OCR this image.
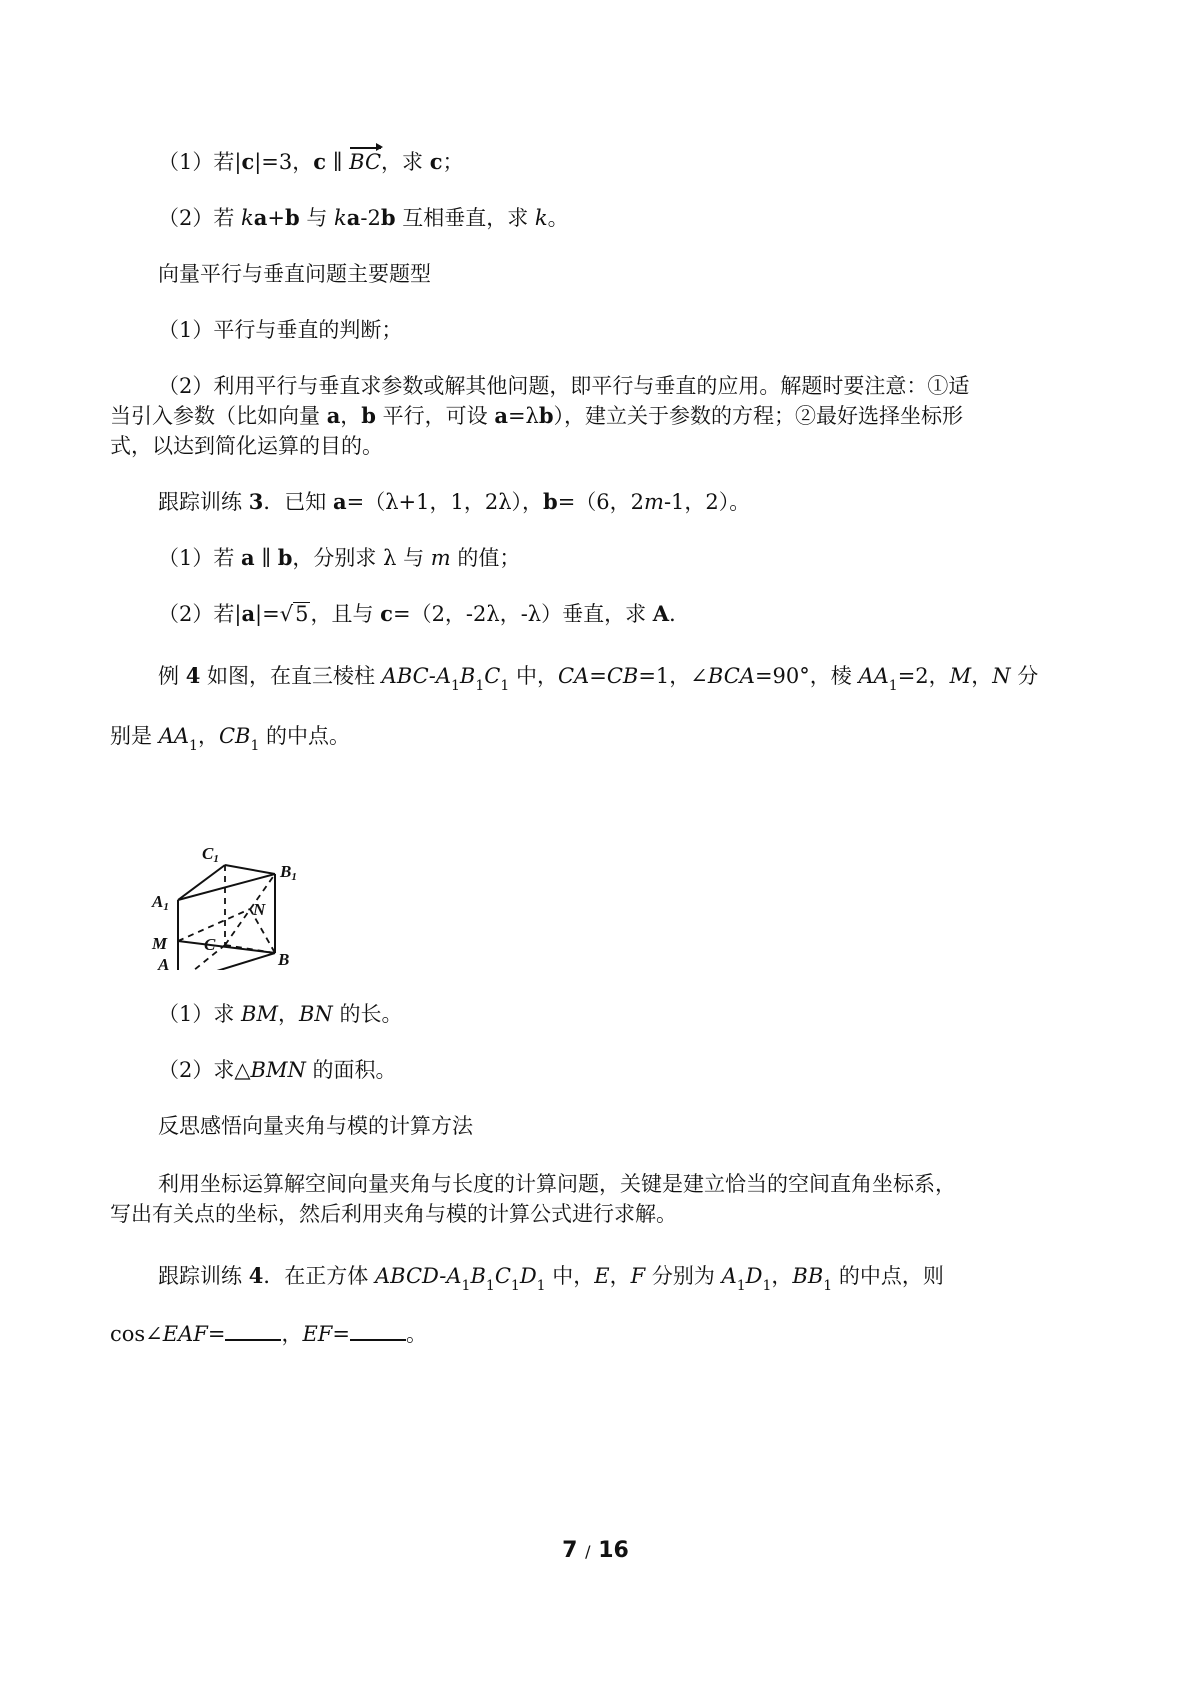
（1）若|c|=3，c ∥ BC，求 c；
（2）若 ka+b 与 ka-2b 互相垂直，求 k。
向量平行与垂直问题主要题型
（1）平行与垂直的判断；
（2）利用平行与垂直求参数或解其他问题，即平行与垂直的应用。解题时要注意：①适
当引入参数（比如向量 a，b 平行，可设 a=λb），建立关于参数的方程；②最好选择坐标形
式，以达到简化运算的目的。
跟踪训练 3．已知 a=（λ+1，1，2λ），b=（6，2m-1，2）。
（1）若 a ∥ b，分别求 λ 与 m 的值；
（2）若|a|=√5，且与 c=（2，-2λ，-λ）垂直，求 A．
例 4 如图，在直三棱柱 ABC-$A_1B_1C_1$ 中，CA=CB=1，∠BCA=90°，棱 $AA_1=2$，M，N 分
别是 $AA_1$，$CB_1$ 的中点。
C1
B1
A1	N
C
M
B
A
（1）求 BM，BN 的长。
（2）求△BMN 的面积。
反思感悟向量夹角与模的计算方法
利用坐标运算解空间向量夹角与长度的计算问题，关键是建立恰当的空间直角坐标系，
写出有关点的坐标，然后利用夹角与模的计算公式进行求解。
跟踪训练 4．在正方体 ABCD-$A_1B_1C_1D_1$ 中，E，F 分别为 $A_1D_1$，$BB_1$ 的中点，则
cos∠EAF=	，EF=	。
7 / 16
